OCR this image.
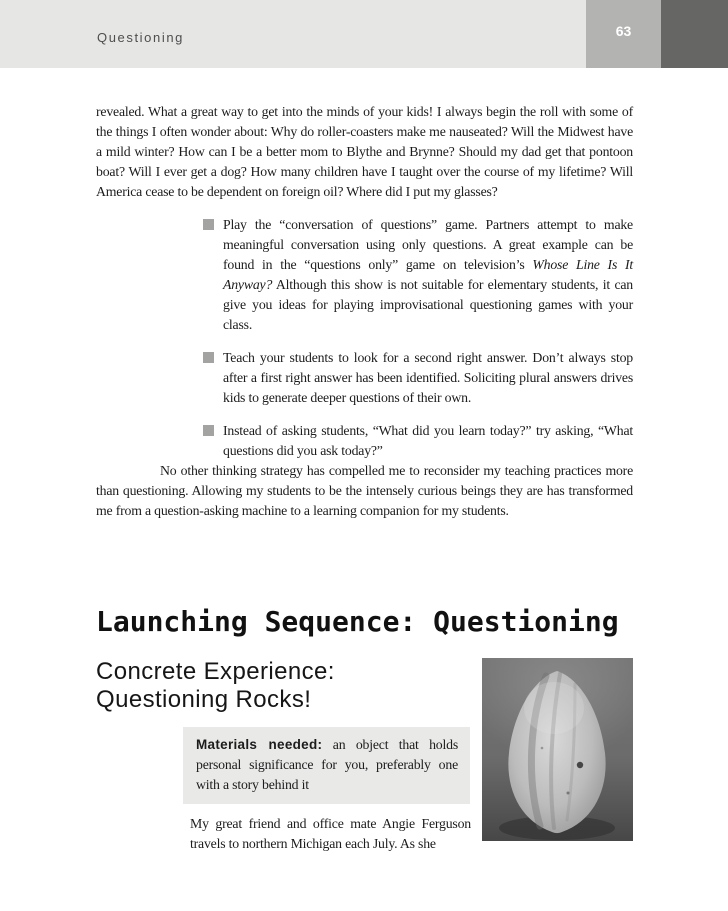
Questioning	63

revealed. What a great way to get into the minds of your kids! I always begin the roll with some of the things I often wonder about: Why do roller-coasters make me nauseated? Will the Midwest have a mild winter? How can I be a better mom to Blythe and Brynne? Should my dad get that pontoon boat? Will I ever get a dog? How many children have I taught over the course of my lifetime? Will America cease to be dependent on foreign oil? Where did I put my glasses?

Play the “conversation of questions” game. Partners attempt to make meaningful conversation using only questions. A great example can be found in the “questions only” game on television’s Whose Line Is It Anyway? Although this show is not suitable for elementary students, it can give you ideas for playing improvisational questioning games with your class.
Teach your students to look for a second right answer. Don’t always stop after a first right answer has been identified. Soliciting plural answers drives kids to generate deeper questions of their own.
Instead of asking students, “What did you learn today?” try asking, “What questions did you ask today?”

No other thinking strategy has compelled me to reconsider my teaching practices more than questioning. Allowing my students to be the intensely curious beings they are has transformed me from a question-asking machine to a learning companion for my students.

Launching Sequence: Questioning
Concrete Experience:
Questioning Rocks!
Materials needed: an object that holds personal significance for you, preferably one with a story behind it

My great friend and office mate Angie Ferguson travels to northern Michigan each July. As she
